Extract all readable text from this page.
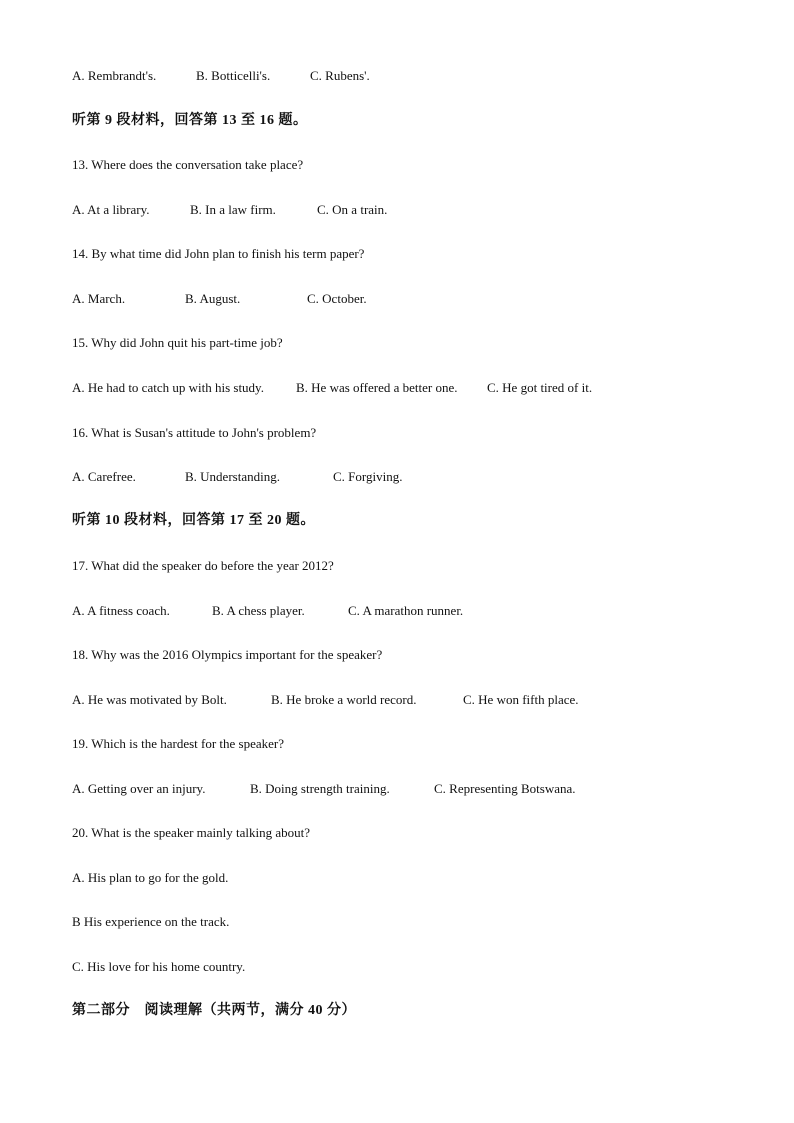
A. Rembrandt's.	B. Botticelli's.	C. Rubens'.
听第 9 段材料，回答第 13 至 16 题。
13. Where does the conversation take place?
A. At a library.	B. In a law firm.	C. On a train.
14. By what time did John plan to finish his term paper?
A. March.	B. August.	C. October.
15. Why did John quit his part-time job?
A. He had to catch up with his study. B. He was offered a better one. C. He got tired of it.
16. What is Susan's attitude to John's problem?
A. Carefree.	B. Understanding.	C. Forgiving.
听第 10 段材料，回答第 17 至 20 题。
17. What did the speaker do before the year 2012?
A. A fitness coach.	B. A chess player.	C. A marathon runner.
18. Why was the 2016 Olympics important for the speaker?
A. He was motivated by Bolt.	B. He broke a world record.	C. He won fifth place.
19. Which is the hardest for the speaker?
A. Getting over an injury.	B. Doing strength training.	C. Representing Botswana.
20. What is the speaker mainly talking about?
A. His plan to go for the gold.
B His experience on the track.
C. His love for his home country.
第二部分　阅读理解（共两节，满分 40 分）
